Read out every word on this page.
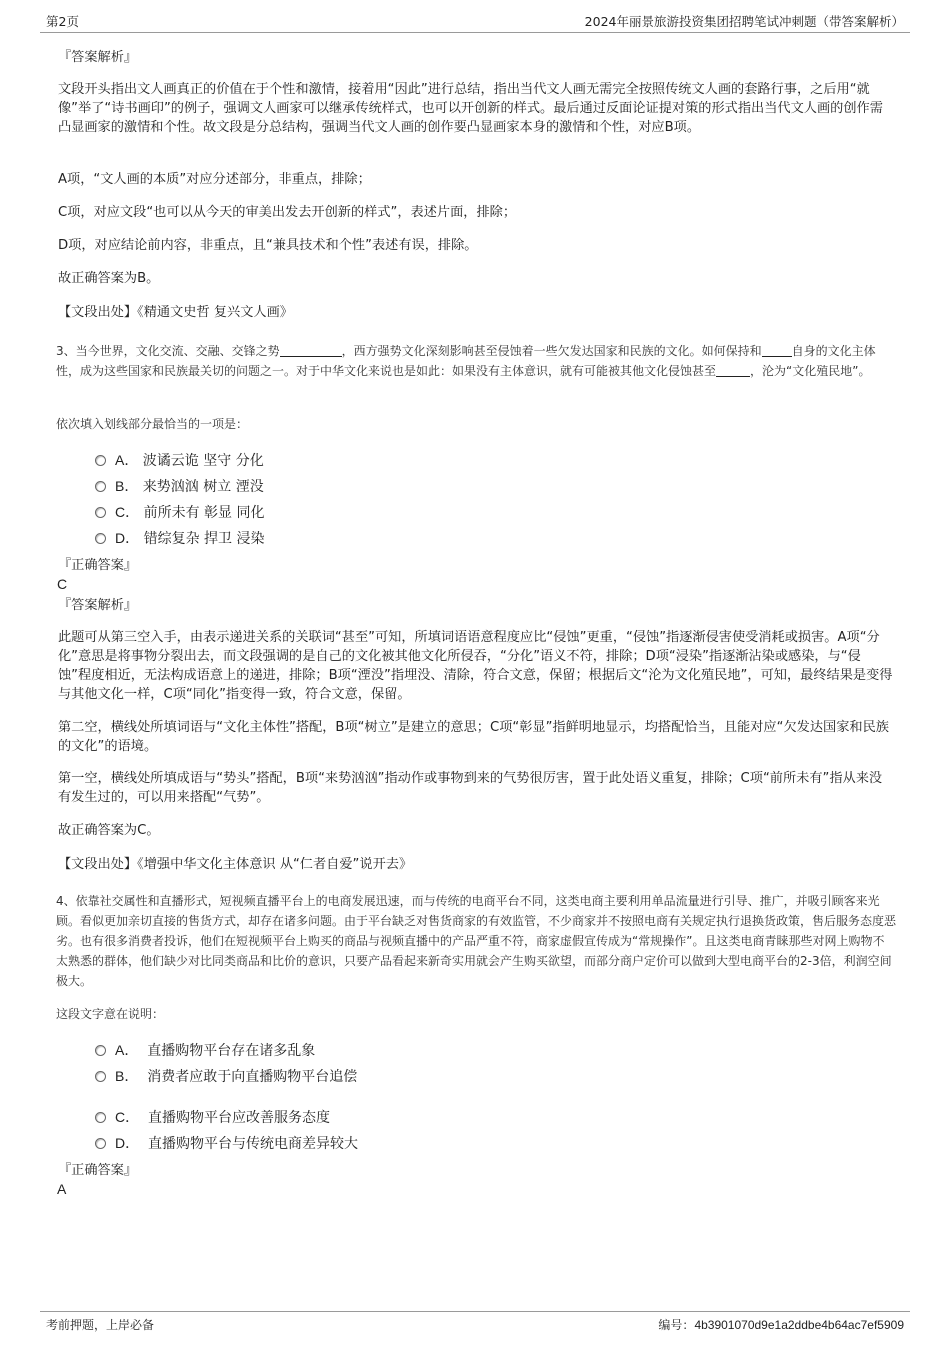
第2页	2024年丽景旅游投资集团招聘笔试冲刺题（带答案解析）
『答案解析』
文段开头指出文人画真正的价值在于个性和激情，接着用“因此”进行总结，指出当代文人画无需完全按照传统文人画的套路行事，之后用“就像”举了“诗书画印”的例子，强调文人画家可以继承传统样式，也可以开创新的样式。最后通过反面论证提对策的形式指出当代文人画的创作需凸显画家的激情和个性。故文段是分总结构，强调当代文人画的创作要凸显画家本身的激情和个性，对应B项。
A项，“文人画的本质”对应分述部分，非重点，排除；
C项，对应文段“也可以从今天的审美出发去开创新的样式”，表述片面，排除；
D项，对应结论前内容，非重点，且“兼具技术和个性”表述有误，排除。
故正确答案为B。
【文段出处】《精通文史哲 复兴文人画》
3、当今世界，文化交流、交融、交锋之势	，西方强势文化深刻影响甚至侵蚀着一些欠发达国家和民族的文化。如何保持和	自身的文化主体性，成为这些国家和民族最关切的问题之一。对于中华文化来说也是如此：如果没有主体意识，就有可能被其他文化侵蚀甚至	，沦为“文化殖民地”。
依次填入划线部分最恰当的一项是：
A． 波谲云诡 坚守 分化
B． 来势汹汹 树立 湮没
C． 前所未有 彰显 同化
D． 错综复杂 捍卫 浸染
『正确答案』
C
『答案解析』
此题可从第三空入手，由表示递进关系的关联词“甚至”可知，所填词语语意程度应比“侵蚀”更重，“侵蚀”指逐渐侵害使受消耗或损害。A项“分化”意思是将事物分裂出去，而文段强调的是自己的文化被其他文化所侵吞，“分化”语义不符，排除；D项“浸染”指逐渐沾染或感染，与“侵蚀”程度相近，无法构成语意上的递进，排除；B项“湮没”指埋没、清除，符合文意，保留；根据后文“沦为文化殖民地”，可知，最终结果是变得与其他文化一样，C项“同化”指变得一致，符合文意，保留。
第二空，横线处所填词语与“文化主体性”搭配，B项“树立”是建立的意思；C项“彰显”指鲜明地显示，均搭配恰当，且能对应“欠发达国家和民族的文化”的语境。
第一空，横线处所填成语与“势头”搭配，B项“来势汹汹”指动作或事物到来的气势很厉害，置于此处语义重复，排除；C项“前所未有”指从来没有发生过的，可以用来搭配“气势”。
故正确答案为C。
【文段出处】《增强中华文化主体意识 从“仁者自爱”说开去》
4、依靠社交属性和直播形式，短视频直播平台上的电商发展迅速，而与传统的电商平台不同，这类电商主要利用单品流量进行引导、推广，并吸引顾客来光顾。看似更加亲切直接的售货方式，却存在诸多问题。由于平台缺乏对售货商家的有效监管，不少商家并不按照电商有关规定执行退换货政策，售后服务态度恶劣。也有很多消费者投诉，他们在短视频平台上购买的商品与视频直播中的产品严重不符，商家虚假宣传成为“常规操作”。且这类电商青睐那些对网上购物不太熟悉的群体，他们缺少对比同类商品和比价的意识，只要产品看起来新奇实用就会产生购买欲望，而部分商户定价可以做到大型电商平台的2-3倍，利润空间极大。
这段文字意在说明：
A． 直播购物平台存在诸多乱象
B． 消费者应敢于向直播购物平台追偿
C． 直播购物平台应改善服务态度
D． 直播购物平台与传统电商差异较大
『正确答案』
A
考前押题，上岸必备	编号：4b3901070d9e1a2ddbe4b64ac7ef5909
